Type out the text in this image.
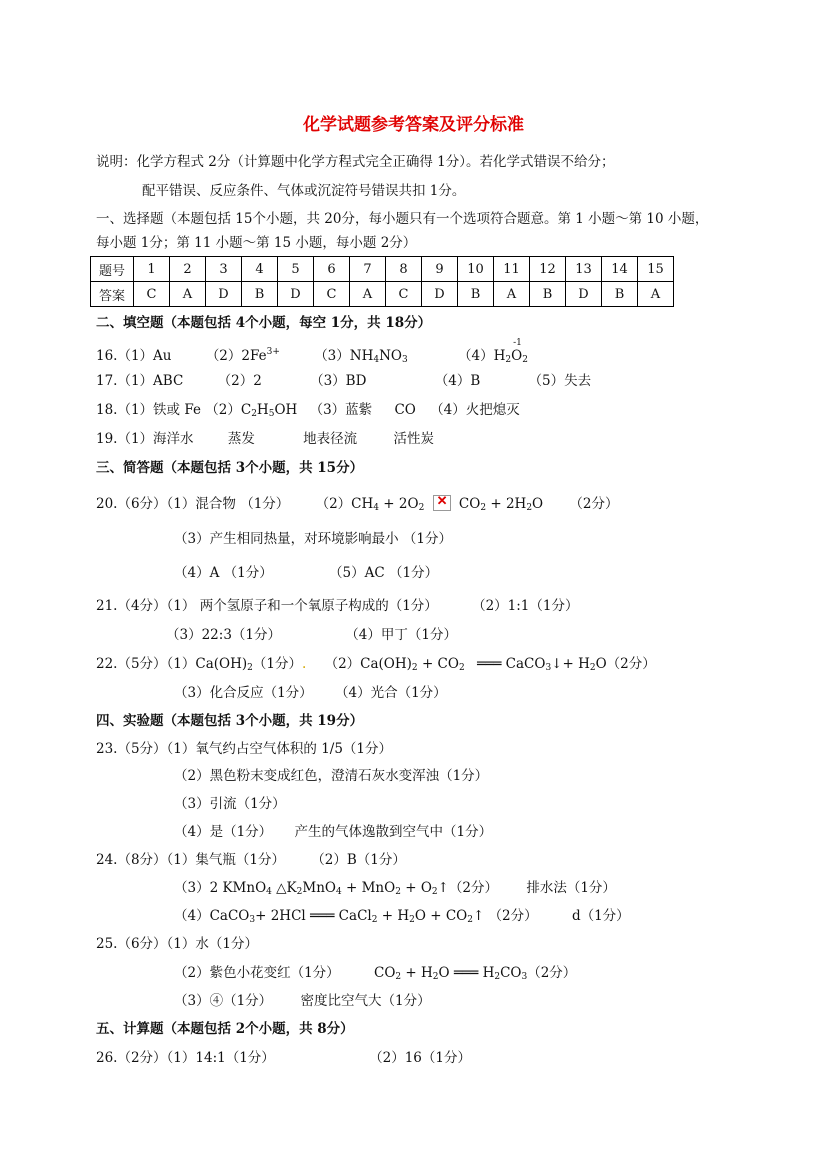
化学试题参考答案及评分标准
说明：化学方程式 2分（计算题中化学方程式完全正确得 1分）。若化学式错误不给分；
配平错误、反应条件、气体或沉淀符号错误共扣 1分。
一、选择题（本题包括 15个小题，共 20分，每小题只有一个选项符合题意。第 1 小题～第 10 小题，
每小题 1分；第 11 小题～第 15 小题，每小题 2分）
题号	1	2	3	4	5	6	7	8	9	10	11	12	13	14	15
答案	C	A	D	B	D	C	A	C	D	B	A	B	D	B	A
二、填空题（本题包括 4个小题，每空 1分，共 18分）
16.（1）Au	$(2)2Fe^{3+}$	$(3)NH_4NO_3$	$(4)H_2$
-1
$O_2$
17.（1）ABC	（2）2	（3）BD	（4）B	（5）失去
18.（1）铁或 Fe $(2)C_2H_5OH$ （3）蓝紫 CO （4）火把熄灭
19.（1）海洋水	蒸发	地表径流	活性炭
三、简答题（本题包括 3个小题，共 15分）
20.（6分）（1）混合物 （1分） $(2)CH_4 + 2O_2$ ✕ $CO_2 + 2H_2O$ （2分）
（3）产生相同热量，对环境影响最小 （1分）
（4）A （1分）	（5）AC （1分）
21.（4分）（1） 两个氢原子和一个氧原子构成的（1分）	（2）1:1（1分）
（3）22:3（1分）	（4）甲丁（1分）
22.（5分）$(1)Ca(OH)_2(1$分）. $(2)Ca(OH)_2 + CO_2$ ═══ CaCO$_3$↓+ $H_2O(2$分）
（3）化合反应（1分） （4）光合（1分）
四、实验题（本题包括 3个小题，共 19分）
23.（5分）（1）氧气约占空气体积的 1/5（1分）
（2）黑色粉末变成红色，澄清石灰水变浑浊（1分）
（3）引流（1分）
（4）是（1分） 产生的气体逸散到空气中（1分）
24.（8分）（1）集气瓶（1分） （2）B（1分）
（3）2 KMnO$_4$ $\triangle K_2MnO_4 + MnO_2$ + $O_2↑(2$分） 排水法（1分）
（4）CaCO$_3$+ 2HCl ═══ CaCl$_2$ + $H_2O$ + $CO_2↑$ （2分）	d（1分）
25.（6分）（1）水（1分）
（2）紫色小花变红（1分）	$CO_2 + H_2O$ ═══ $H_2CO_3(2$分）
（3）④（1分） 密度比空气大（1分）
五、计算题（本题包括 2个小题，共 8分）
26.（2分）（1）14:1（1分）	（2）16（1分）
